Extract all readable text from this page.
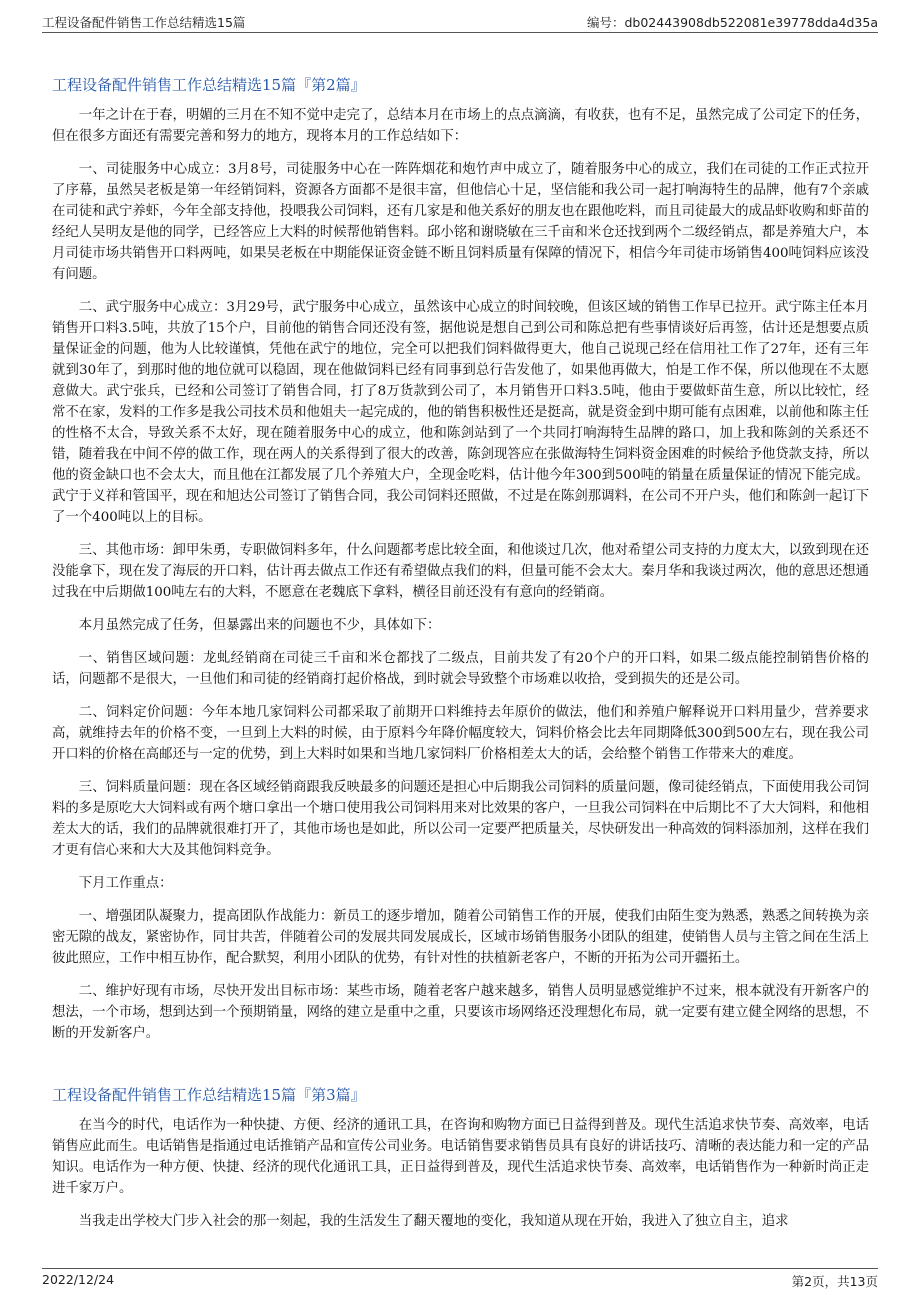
工程设备配件销售工作总结精选15篇	编号：db02443908db522081e39778dda4d35a
工程设备配件销售工作总结精选15篇『第2篇』

一年之计在于春，明媚的三月在不知不觉中走完了，总结本月在市场上的点点滴滴，有收获，也有不足，虽然完成了公司定下的任务，但在很多方面还有需要完善和努力的地方，现将本月的工作总结如下：

一、司徒服务中心成立：3月8号，司徒服务中心在一阵阵烟花和炮竹声中成立了，随着服务中心的成立，我们在司徒的工作正式拉开了序幕，虽然吴老板是第一年经销饲料，资源各方面都不是很丰富，但他信心十足，坚信能和我公司一起打响海特生的品牌，他有7个亲戚在司徒和武宁养虾，今年全部支持他，投喂我公司饲料，还有几家是和他关系好的朋友也在跟他吃料，而且司徒最大的成品虾收购和虾苗的经纪人吴明友是他的同学，已经答应上大料的时候帮他销售料。邱小铭和谢晓敏在三千亩和米仓还找到两个二级经销点，都是养殖大户，本月司徒市场共销售开口料两吨，如果吴老板在中期能保证资金链不断且饲料质量有保障的情况下，相信今年司徒市场销售400吨饲料应该没有问题。

二、武宁服务中心成立：3月29号，武宁服务中心成立，虽然该中心成立的时间较晚，但该区域的销售工作早已拉开。武宁陈主任本月销售开口料3.5吨，共放了15个户，目前他的销售合同还没有签，据他说是想自己到公司和陈总把有些事情谈好后再签，估计还是想要点质量保证金的问题，他为人比较谨慎，凭他在武宁的地位，完全可以把我们饲料做得更大，他自己说现己经在信用社工作了27年，还有三年就到30年了，到那时他的地位就可以稳固，现在他做饲料已经有同事到总行告发他了，如果他再做大，怕是工作不保，所以他现在不太愿意做大。武宁张兵，已经和公司签订了销售合同，打了8万货款到公司了，本月销售开口料3.5吨，他由于要做虾苗生意，所以比较忙，经常不在家，发料的工作多是我公司技术员和他姐夫一起完成的，他的销售积极性还是挺高，就是资金到中期可能有点困难，以前他和陈主任的性格不太合，导致关系不太好，现在随着服务中心的成立，他和陈剑站到了一个共同打响海特生品牌的路口，加上我和陈剑的关系还不错，随着我在中间不停的做工作，现在两人的关系得到了很大的改善，陈剑现答应在张做海特生饲料资金困难的时候给予他贷款支持，所以他的资金缺口也不会太大，而且他在江都发展了几个养殖大户，全现金吃料，估计他今年300到500吨的销量在质量保证的情况下能完成。武宁于义祥和管国平，现在和旭达公司签订了销售合同，我公司饲料还照做，不过是在陈剑那调料，在公司不开户头，他们和陈剑一起订下了一个400吨以上的目标。

三、其他市场：卸甲朱勇，专职做饲料多年，什么问题都考虑比较全面，和他谈过几次，他对希望公司支持的力度太大，以致到现在还没能拿下，现在发了海辰的开口料，估计再去做点工作还有希望做点我们的料，但量可能不会太大。秦月华和我谈过两次，他的意思还想通过我在中后期做100吨左右的大料，不愿意在老魏底下拿料，横径目前还没有有意向的经销商。

本月虽然完成了任务，但暴露出来的问题也不少，具体如下：

一、销售区域问题：龙虬经销商在司徒三千亩和米仓都找了二级点，目前共发了有20个户的开口料，如果二级点能控制销售价格的话，问题都不是很大，一旦他们和司徒的经销商打起价格战，到时就会导致整个市场难以收拾，受到损失的还是公司。

二、饲料定价问题：今年本地几家饲料公司都采取了前期开口料维持去年原价的做法，他们和养殖户解释说开口料用量少，营养要求高，就维持去年的价格不变，一旦到上大料的时候，由于原料今年降价幅度较大，饲料价格会比去年同期降低300到500左右，现在我公司开口料的价格在高邮还与一定的优势，到上大料时如果和当地几家饲料厂价格相差太大的话，会给整个销售工作带来大的难度。

三、饲料质量问题：现在各区域经销商跟我反映最多的问题还是担心中后期我公司饲料的质量问题，像司徒经销点，下面使用我公司饲料的多是原吃大大饲料或有两个塘口拿出一个塘口使用我公司饲料用来对比效果的客户，一旦我公司饲料在中后期比不了大大饲料，和他相差太大的话，我们的品牌就很难打开了，其他市场也是如此，所以公司一定要严把质量关，尽快研发出一种高效的饲料添加剂，这样在我们才更有信心来和大大及其他饲料竞争。

下月工作重点：

一、增强团队凝聚力，提高团队作战能力：新员工的逐步增加，随着公司销售工作的开展，使我们由陌生变为熟悉，熟悉之间转换为亲密无隙的战友，紧密协作，同甘共苦，伴随着公司的发展共同发展成长，区域市场销售服务小团队的组建，使销售人员与主管之间在生活上彼此照应，工作中相互协作，配合默契，利用小团队的优势，有针对性的扶植新老客户，不断的开拓为公司开疆拓土。

二、维护好现有市场，尽快开发出目标市场：某些市场，随着老客户越来越多，销售人员明显感觉维护不过来，根本就没有开新客户的想法，一个市场，想到达到一个预期销量，网络的建立是重中之重，只要该市场网络还没理想化布局，就一定要有建立健全网络的思想，不断的开发新客户。

工程设备配件销售工作总结精选15篇『第3篇』

在当今的时代，电话作为一种快捷、方便、经济的通讯工具，在咨询和购物方面已日益得到普及。现代生活追求快节奏、高效率，电话销售应此而生。电话销售是指通过电话推销产品和宣传公司业务。电话销售要求销售员具有良好的讲话技巧、清晰的表达能力和一定的产品知识。电话作为一种方便、快捷、经济的现代化通讯工具，正日益得到普及，现代生活追求快节奏、高效率，电话销售作为一种新时尚正走进千家万户。

当我走出学校大门步入社会的那一刻起，我的生活发生了翻天覆地的变化，我知道从现在开始，我进入了独立自主，追求

2022/12/24	第2页，共13页
